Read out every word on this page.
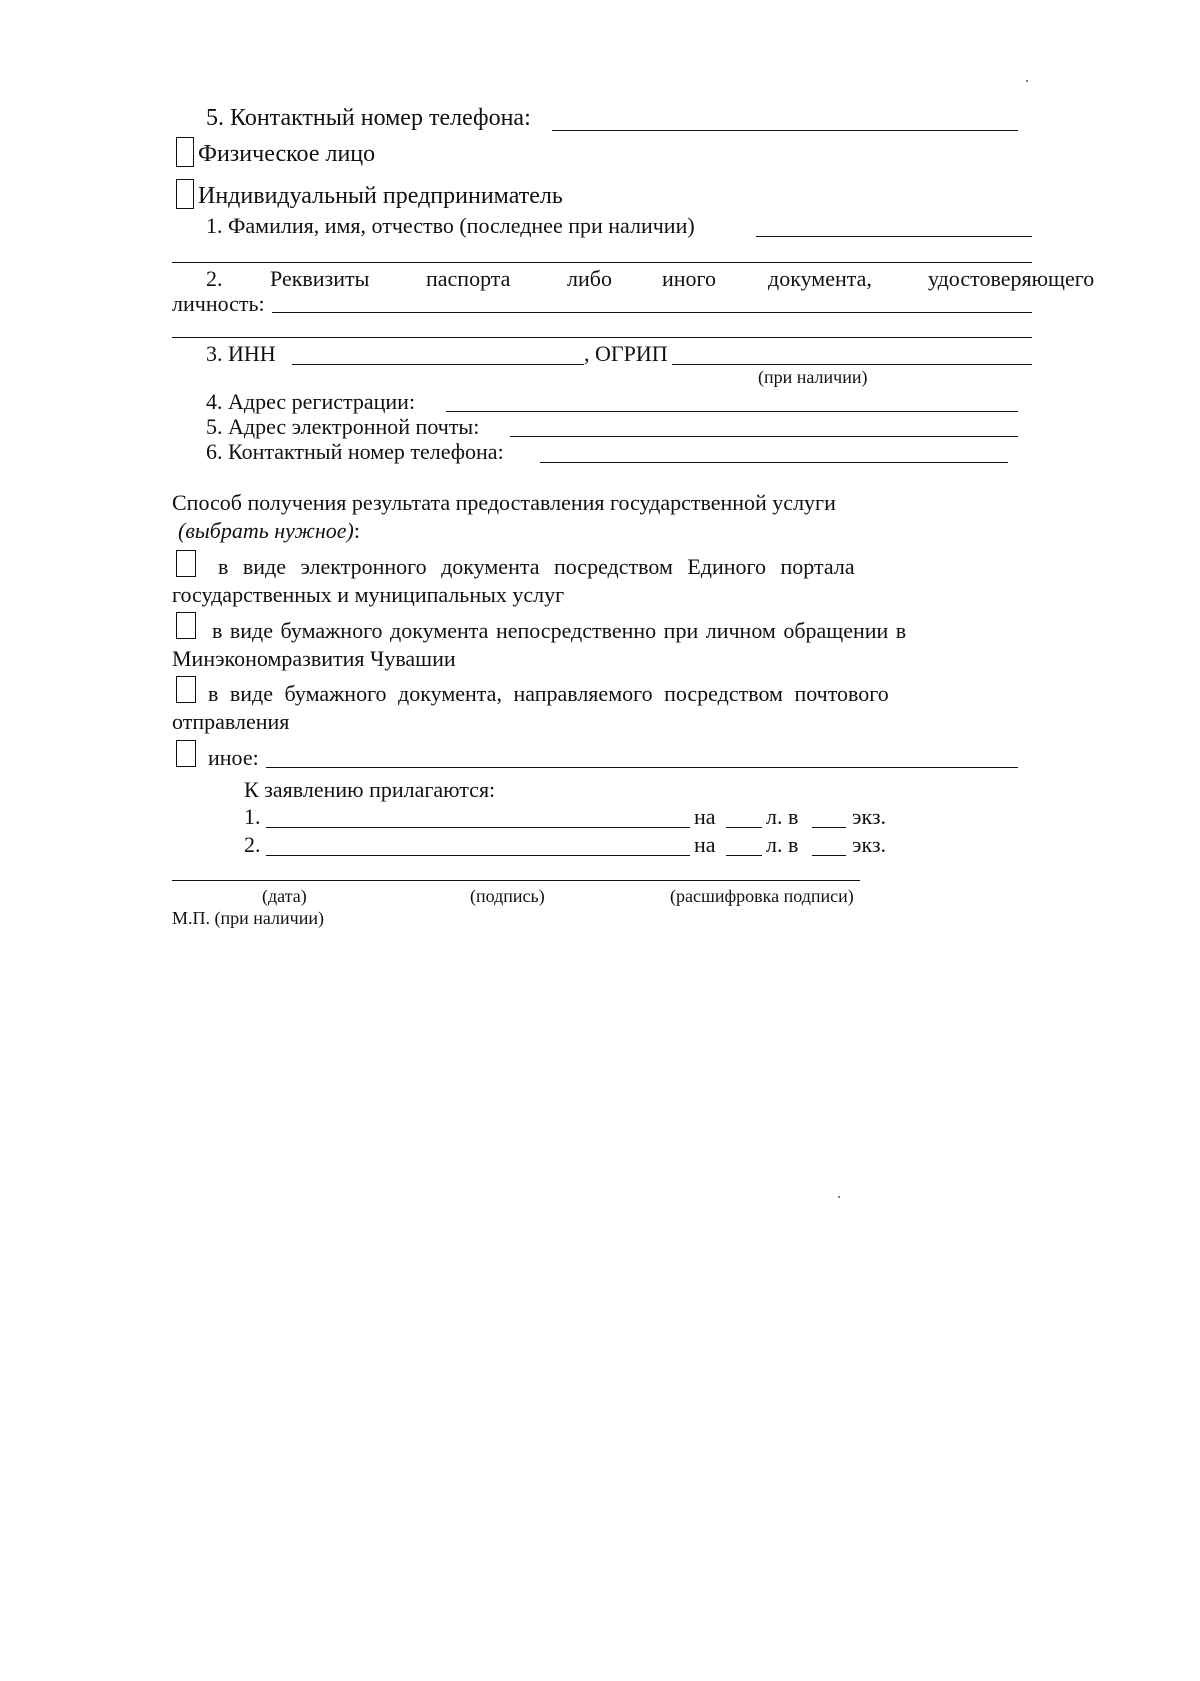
5. Контактный номер телефона:
Физическое лицо
Индивидуальный предприниматель
1. Фамилия, имя, отчество (последнее при наличии)
2. Реквизиты	паспорта	либо иного документа,	удостоверяющего
личность:
3. ИНН	, ОГРИП
(при наличии)
4. Адрес регистрации:
5. Адрес электронной почты:
6. Контактный номер телефона:
Способ получения результата предоставления государственной услуги
(выбрать нужное):
в виде электронного документа посредством Единого портала
государственных и муниципальных услуг
в виде бумажного документа непосредственно при личном обращении в
Минэкономразвития Чувашии
в виде бумажного документа, направляемого посредством почтового
отправления
иное:
К заявлению прилагаются:
1.	на л. в экз.
2.	на л. в экз.
(дата)	(подпись)	(расшифровка подписи)
М.П. (при наличии)
